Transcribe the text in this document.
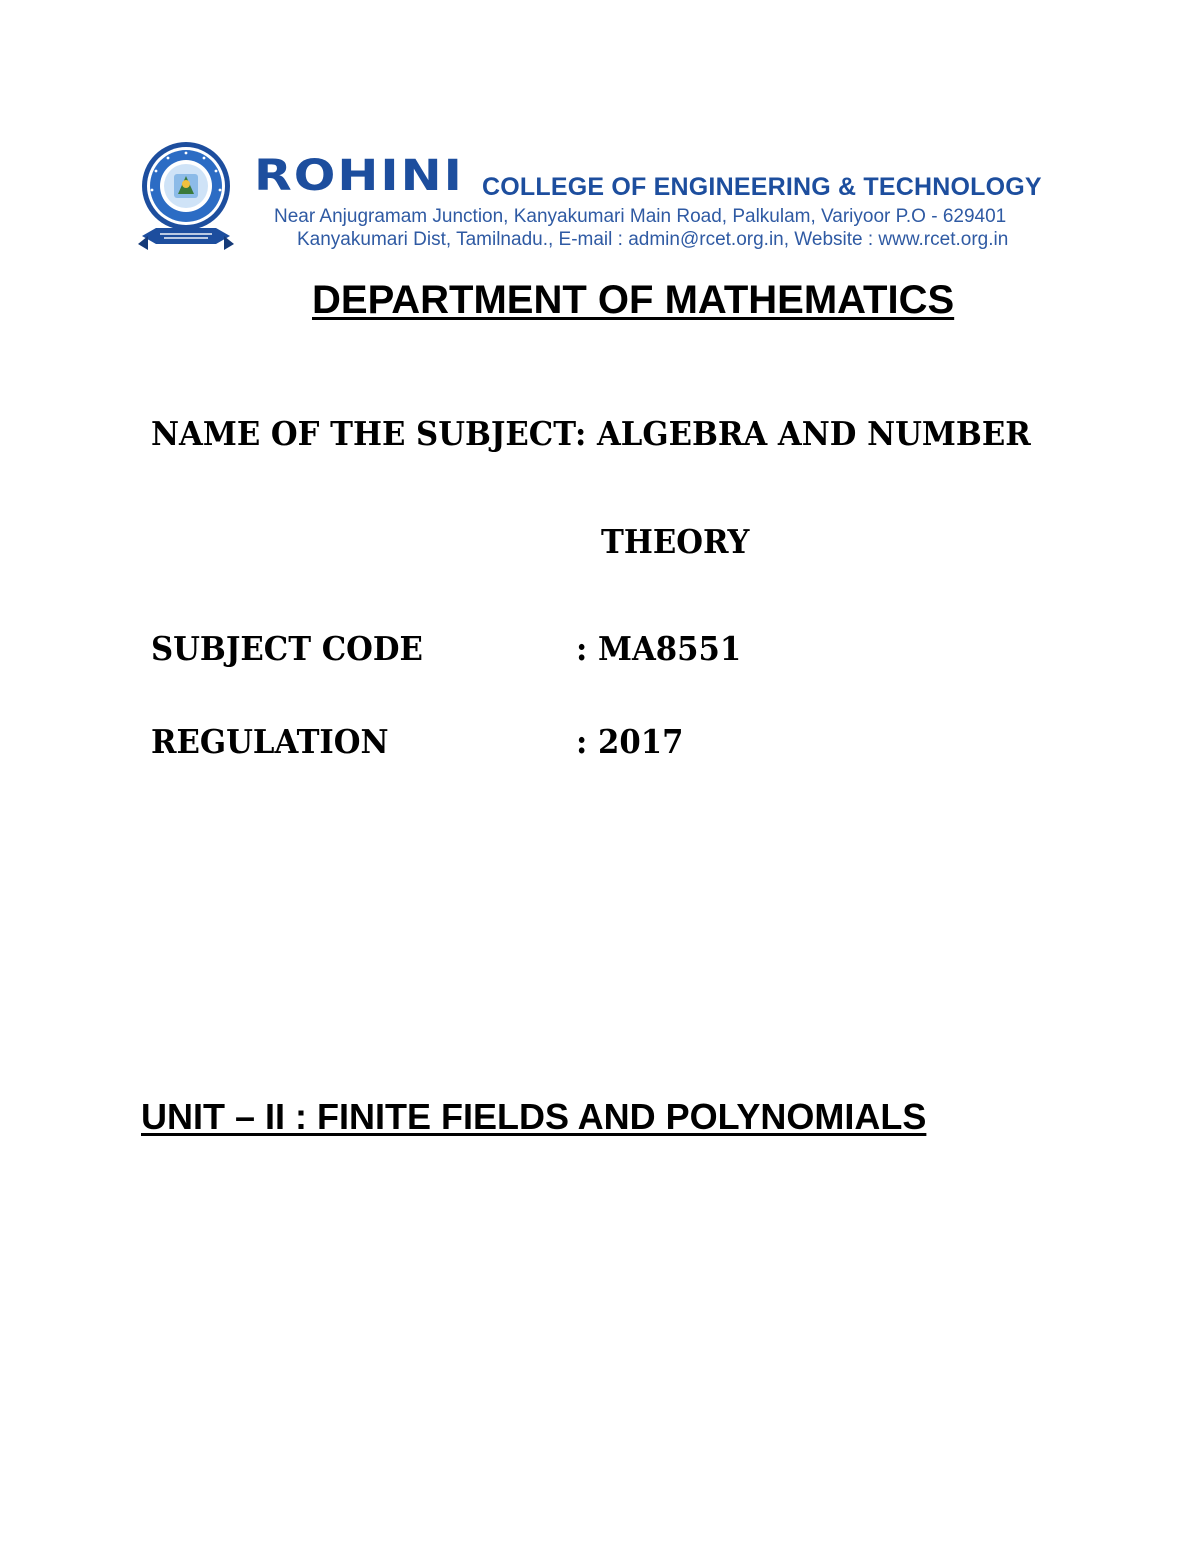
ROHINI COLLEGE OF ENGINEERING & TECHNOLOGY
Near Anjugramam Junction, Kanyakumari Main Road, Palkulam, Variyoor P.O - 629401
Kanyakumari Dist, Tamilnadu., E-mail : admin@rcet.org.in, Website : www.rcet.org.in
DEPARTMENT OF MATHEMATICS
NAME OF THE SUBJECT: ALGEBRA AND NUMBER
THEORY
SUBJECT CODE	: MA8551
REGULATION	: 2017
UNIT – II : FINITE FIELDS AND POLYNOMIALS
